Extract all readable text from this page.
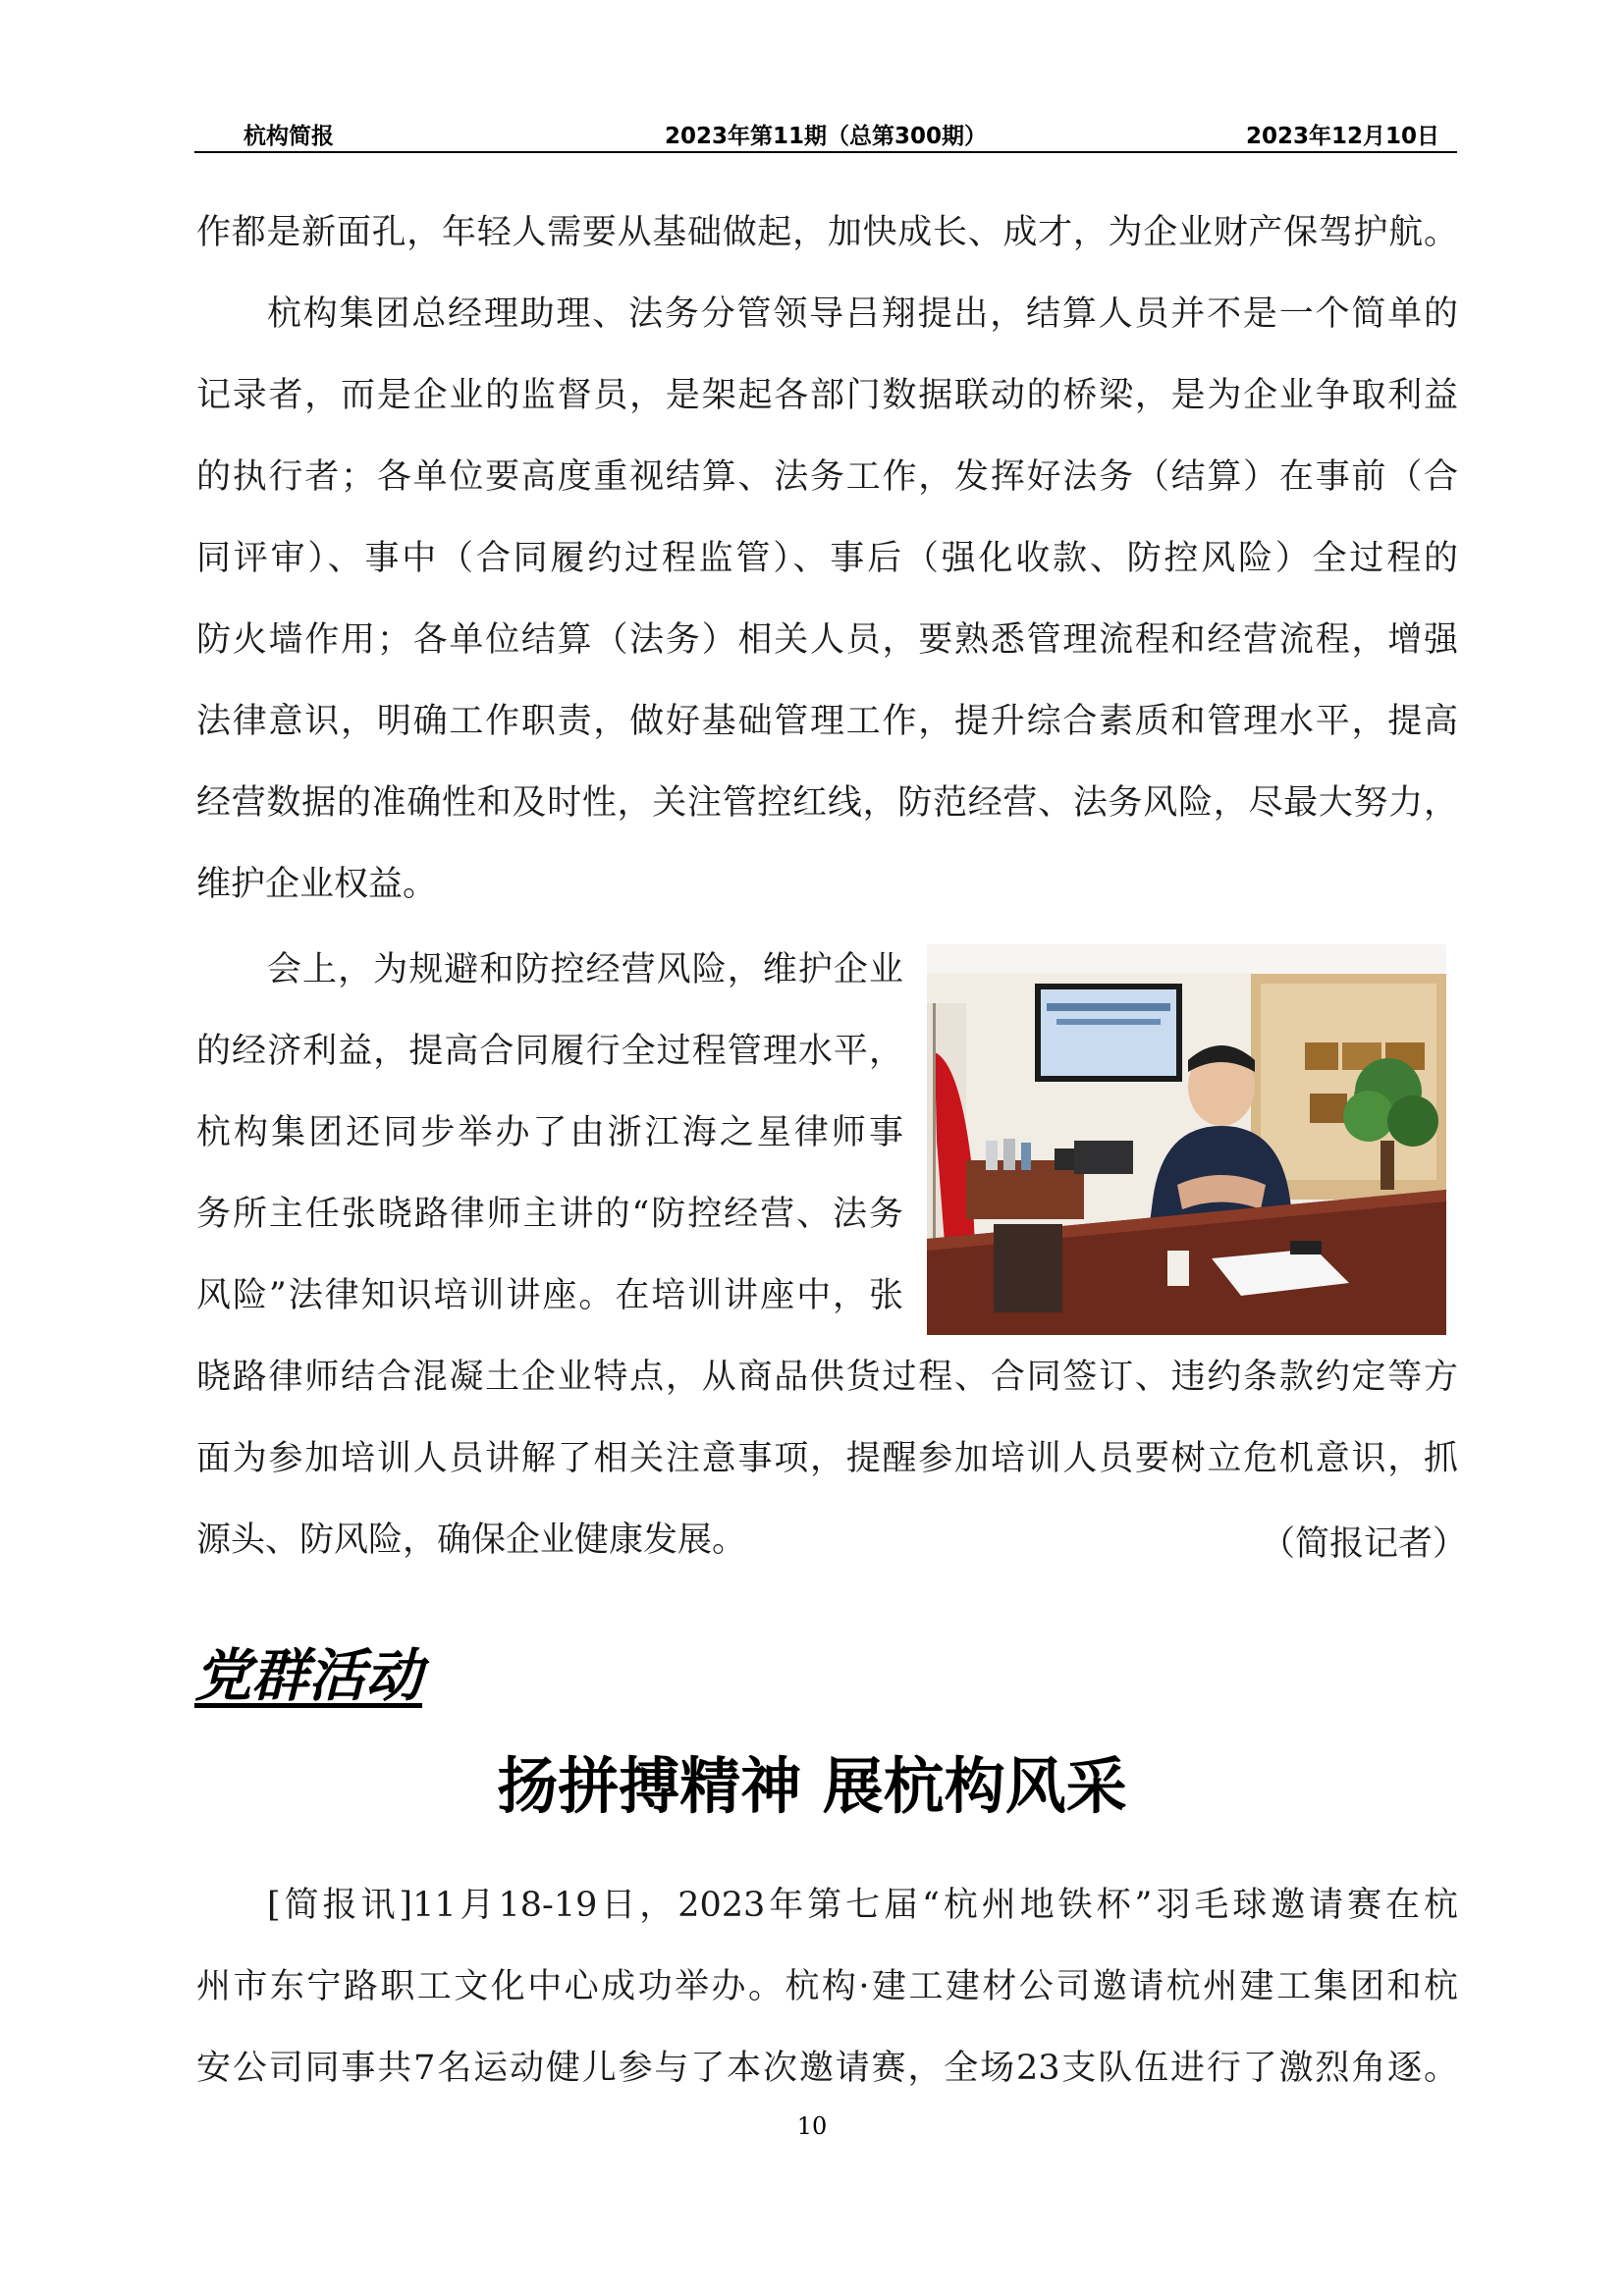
杭构简报	2023年第11期（总第300期）	2023年12月10日

作都是新面孔，年轻人需要从基础做起，加快成长、成才，为企业财产保驾护航。

杭构集团总经理助理、法务分管领导吕翔提出，结算人员并不是一个简单的

记录者，而是企业的监督员，是架起各部门数据联动的桥梁，是为企业争取利益

的执行者；各单位要高度重视结算、法务工作，发挥好法务（结算）在事前（合

同评审）、事中（合同履约过程监管）、事后（强化收款、防控风险）全过程的

防火墙作用；各单位结算（法务）相关人员，要熟悉管理流程和经营流程，增强

法律意识，明确工作职责，做好基础管理工作，提升综合素质和管理水平，提高

经营数据的准确性和及时性，关注管控红线，防范经营、法务风险，尽最大努力，

维护企业权益。

会上，为规避和防控经营风险，维护企业

的经济利益，提高合同履行全过程管理水平，

杭构集团还同步举办了由浙江海之星律师事

务所主任张晓路律师主讲的“防控经营、法务

风险”法律知识培训讲座。在培训讲座中，张

晓路律师结合混凝土企业特点，从商品供货过程、合同签订、违约条款约定等方

面为参加培训人员讲解了相关注意事项，提醒参加培训人员要树立危机意识，抓

源头、防风险，确保企业健康发展。	（简报记者）
党群活动
扬拼搏精神 展杭构风采

[简报讯]11月18-19日，2023年第七届“杭州地铁杯”羽毛球邀请赛在杭

州市东宁路职工文化中心成功举办。杭构·建工建材公司邀请杭州建工集团和杭

安公司同事共7名运动健儿参与了本次邀请赛，全场23支队伍进行了激烈角逐。

10
